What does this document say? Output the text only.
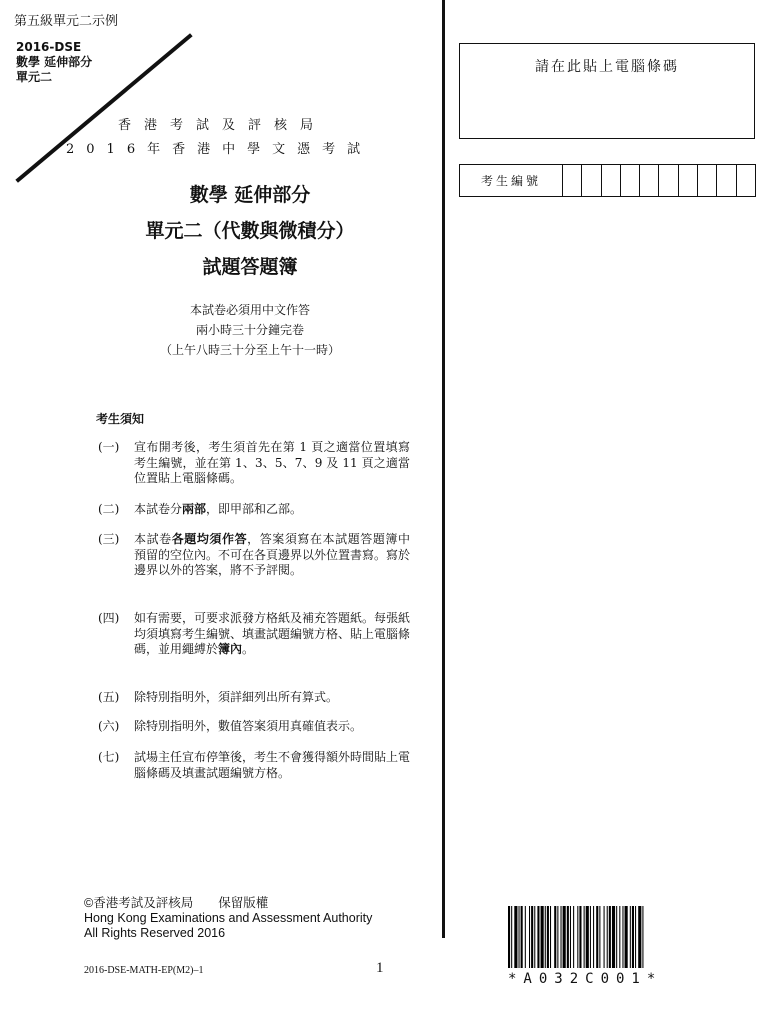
第五級單元二示例
2016-DSE
數學 延伸部分
單元二
香港考試及評核局
2016年香港中學文憑考試
數學 延伸部分
單元二（代數與微積分）
試題答題簿
本試卷必須用中文作答
兩小時三十分鐘完卷
（上午八時三十分至上午十一時）
請在此貼上電腦條碼
考生編號
考生須知
(一)	宣布開考後，考生須首先在第 1 頁之適當位置填寫考生編號，並在第 1、3、5、7、9 及 11 頁之適當位置貼上電腦條碼。
(二)	本試卷分兩部，即甲部和乙部。
(三)	本試卷各題均須作答，答案須寫在本試題答題簿中預留的空位內。不可在各頁邊界以外位置書寫。寫於邊界以外的答案，將不予評閱。
(四)	如有需要，可要求派發方格紙及補充答題紙。每張紙均須填寫考生編號、填畫試題編號方格、貼上電腦條碼，並用繩縛於簿內。
(五)	除特別指明外，須詳細列出所有算式。
(六)	除特別指明外，數值答案須用真確值表示。
(七)	試場主任宣布停筆後，考生不會獲得額外時間貼上電腦條碼及填畫試題編號方格。
©香港考試及評核局　　保留版權
Hong Kong Examinations and Assessment Authority
All Rights Reserved 2016
2016-DSE-MATH-EP(M2)–1	1
*A032C001*
